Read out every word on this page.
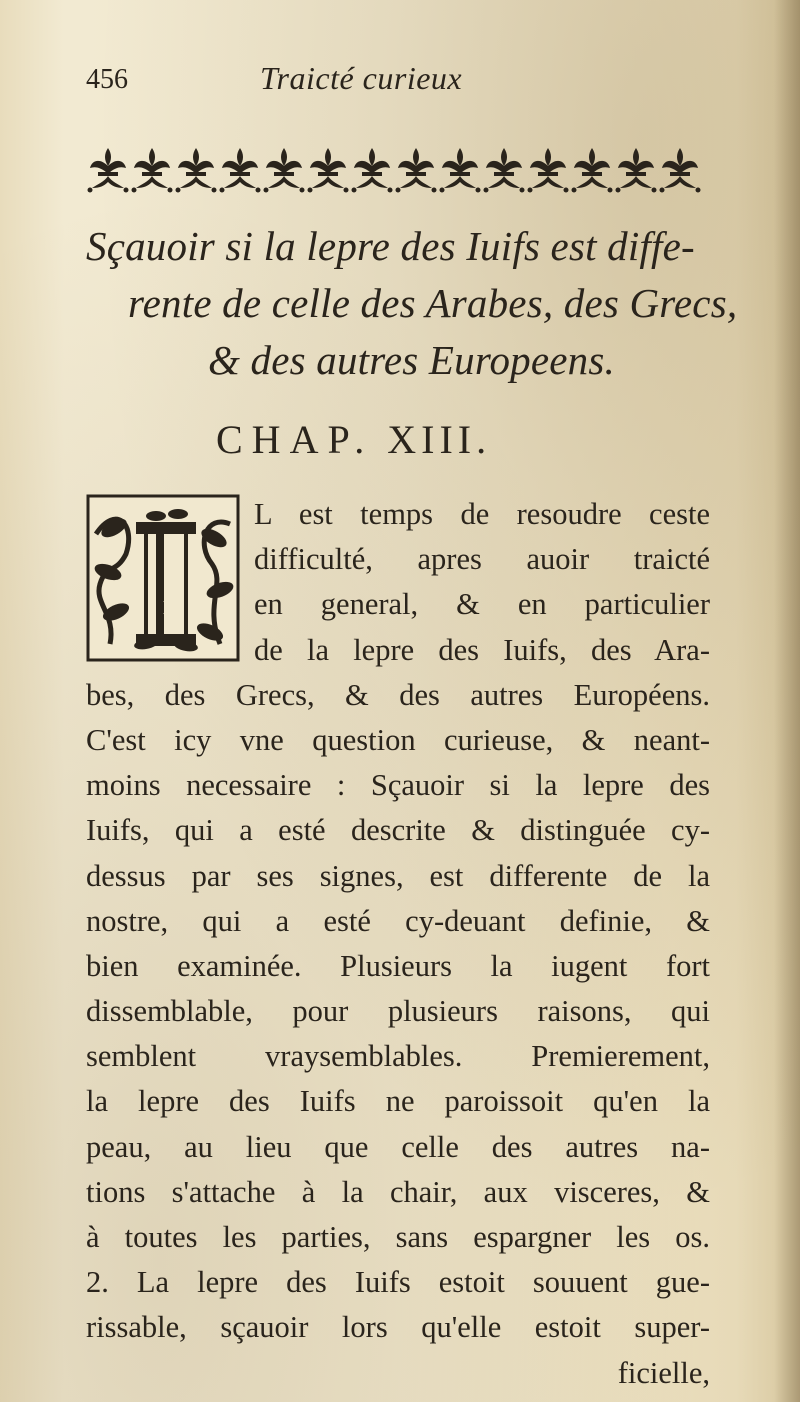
456	Traicté curieux
Sçauoir si la lepre des Iuifs est diffe-
rente de celle des Arabes, des Grecs,
& des autres Europeens.
CHAP. XIII.
I
L est temps de resoudre ceste
difficulté, apres auoir traicté
en general, & en particulier
de la lepre des Iuifs, des Ara-
bes, des Grecs, & des autres Européens.
C'est icy vne question curieuse, & neant-
moins necessaire : Sçauoir si la lepre des
Iuifs, qui a esté descrite & distinguée cy-
dessus par ses signes, est differente de la
nostre, qui a esté cy-deuant definie, &
bien examinée. Plusieurs la iugent fort
dissemblable, pour plusieurs raisons, qui
semblent vraysemblables. Premierement,
la lepre des Iuifs ne paroissoit qu'en la
peau, au lieu que celle des autres na-
tions s'attache à la chair, aux visceres, &
à toutes les parties, sans espargner les os.
2. La lepre des Iuifs estoit souuent gue-
rissable, sçauoir lors qu'elle estoit super-
ficielle,
